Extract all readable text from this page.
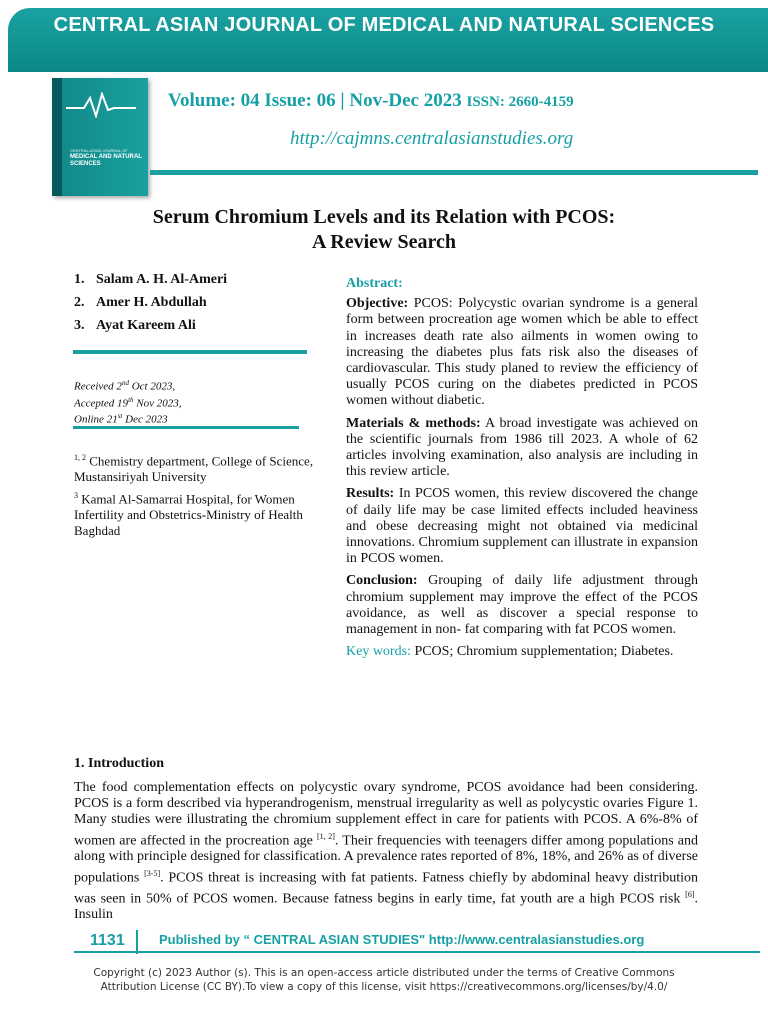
CENTRAL ASIAN JOURNAL OF MEDICAL AND NATURAL SCIENCES
CENTRAL ASIAN JOURNAL OF
MEDICAL AND NATURAL SCIENCES
Volume: 04 Issue: 06 | Nov-Dec 2023 ISSN: 2660-4159
http://cajmns.centralasianstudies.org
Serum Chromium Levels and its Relation with PCOS:
A Review Search
1. Salam A. H. Al-Ameri
2. Amer H. Abdullah
3. Ayat Kareem Ali
Received 2nd Oct 2023,
Accepted 19th Nov 2023,
Online 21st Dec 2023
$^{1, 2}$ Chemistry department, College of Science, Mustansiriyah University
$^3$ Kamal Al-Samarrai Hospital, for Women Infertility and Obstetrics-Ministry of Health Baghdad
Abstract:

Objective: PCOS: Polycystic ovarian syndrome is a general form between procreation age women which be able to effect in increases death rate also ailments in women owing to increasing the diabetes plus fats risk also the diseases of cardiovascular. This study planed to review the efficiency of usually PCOS curing on the diabetes predicted in PCOS women without diabetic.

Materials & methods: A broad investigate was achieved on the scientific journals from 1986 till 2023. A whole of 62 articles involving examination, also analysis are including in this review article.

Results: In PCOS women, this review discovered the change of daily life may be case limited effects included heaviness and obese decreasing might not obtained via medicinal innovations. Chromium supplement can illustrate in expansion in PCOS women.

Conclusion: Grouping of daily life adjustment through chromium supplement may improve the effect of the PCOS avoidance, as well as discover a special response to management in non- fat comparing with fat PCOS women.

Key words: PCOS; Chromium supplementation; Diabetes.

1. Introduction
The food complementation effects on polycystic ovary syndrome, PCOS avoidance had been considering. PCOS is a form described via hyperandrogenism, menstrual irregularity as well as polycystic ovaries Figure 1. Many studies were illustrating the chromium supplement effect in care for patients with PCOS. A 6%-8% of women are affected in the procreation age [1, 2]. Their frequencies with teenagers differ among populations and along with principle designed for classification. A prevalence rates reported of 8%, 18%, and 26% as of diverse populations [3-5]. PCOS threat is increasing with fat patients. Fatness chiefly by abdominal heavy distribution was seen in 50% of PCOS women. Because fatness begins in early time, fat youth are a high PCOS risk [6]. Insulin
1131	Published by “ CENTRAL ASIAN STUDIES" http://www.centralasianstudies.org
Copyright (c) 2023 Author (s). This is an open-access article distributed under the terms of Creative Commons
Attribution License (CC BY).To view a copy of this license, visit https://creativecommons.org/licenses/by/4.0/
